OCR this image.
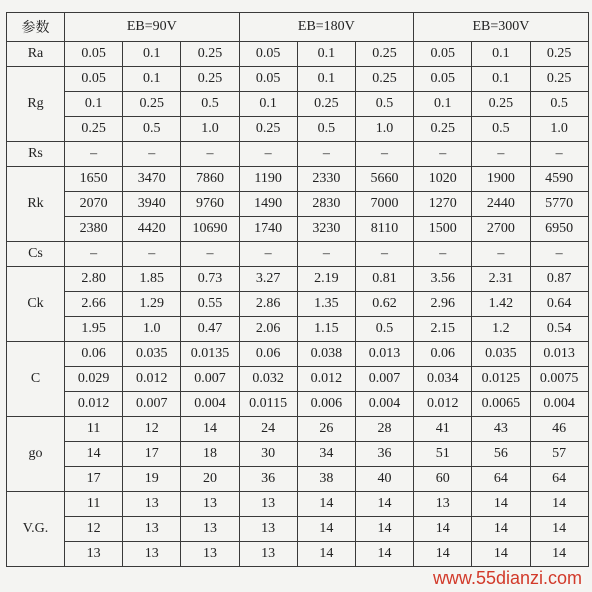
参数	EB=90V			EB=180V			EB=300V		
Ra	0.05	0.1	0.25	0.05	0.1	0.25	0.05	0.1	0.25
Rg	0.05	0.1	0.25	0.05	0.1	0.25	0.05	0.1	0.25
	0.1	0.25	0.5	0.1	0.25	0.5	0.1	0.25	0.5
	0.25	0.5	1.0	0.25	0.5	1.0	0.25	0.5	1.0
Rs	–	–	–	–	–	–	–	–	–
Rk	1650	3470	7860	1190	2330	5660	1020	1900	4590
	2070	3940	9760	1490	2830	7000	1270	2440	5770
	2380	4420	10690	1740	3230	8110	1500	2700	6950
Cs	–	–	–	–	–	–	–	–	–
Ck	2.80	1.85	0.73	3.27	2.19	0.81	3.56	2.31	0.87
	2.66	1.29	0.55	2.86	1.35	0.62	2.96	1.42	0.64
	1.95	1.0	0.47	2.06	1.15	0.5	2.15	1.2	0.54
C	0.06	0.035	0.0135	0.06	0.038	0.013	0.06	0.035	0.013
	0.029	0.012	0.007	0.032	0.012	0.007	0.034	0.0125	0.0075
	0.012	0.007	0.004	0.0115	0.006	0.004	0.012	0.0065	0.004
go	11	12	14	24	26	28	41	43	46
	14	17	18	30	34	36	51	56	57
	17	19	20	36	38	40	60	64	64
V.G.	11	13	13	13	14	14	13	14	14
	12	13	13	13	14	14	14	14	14
	13	13	13	13	14	14	14	14	14
www.55dianzi.com
